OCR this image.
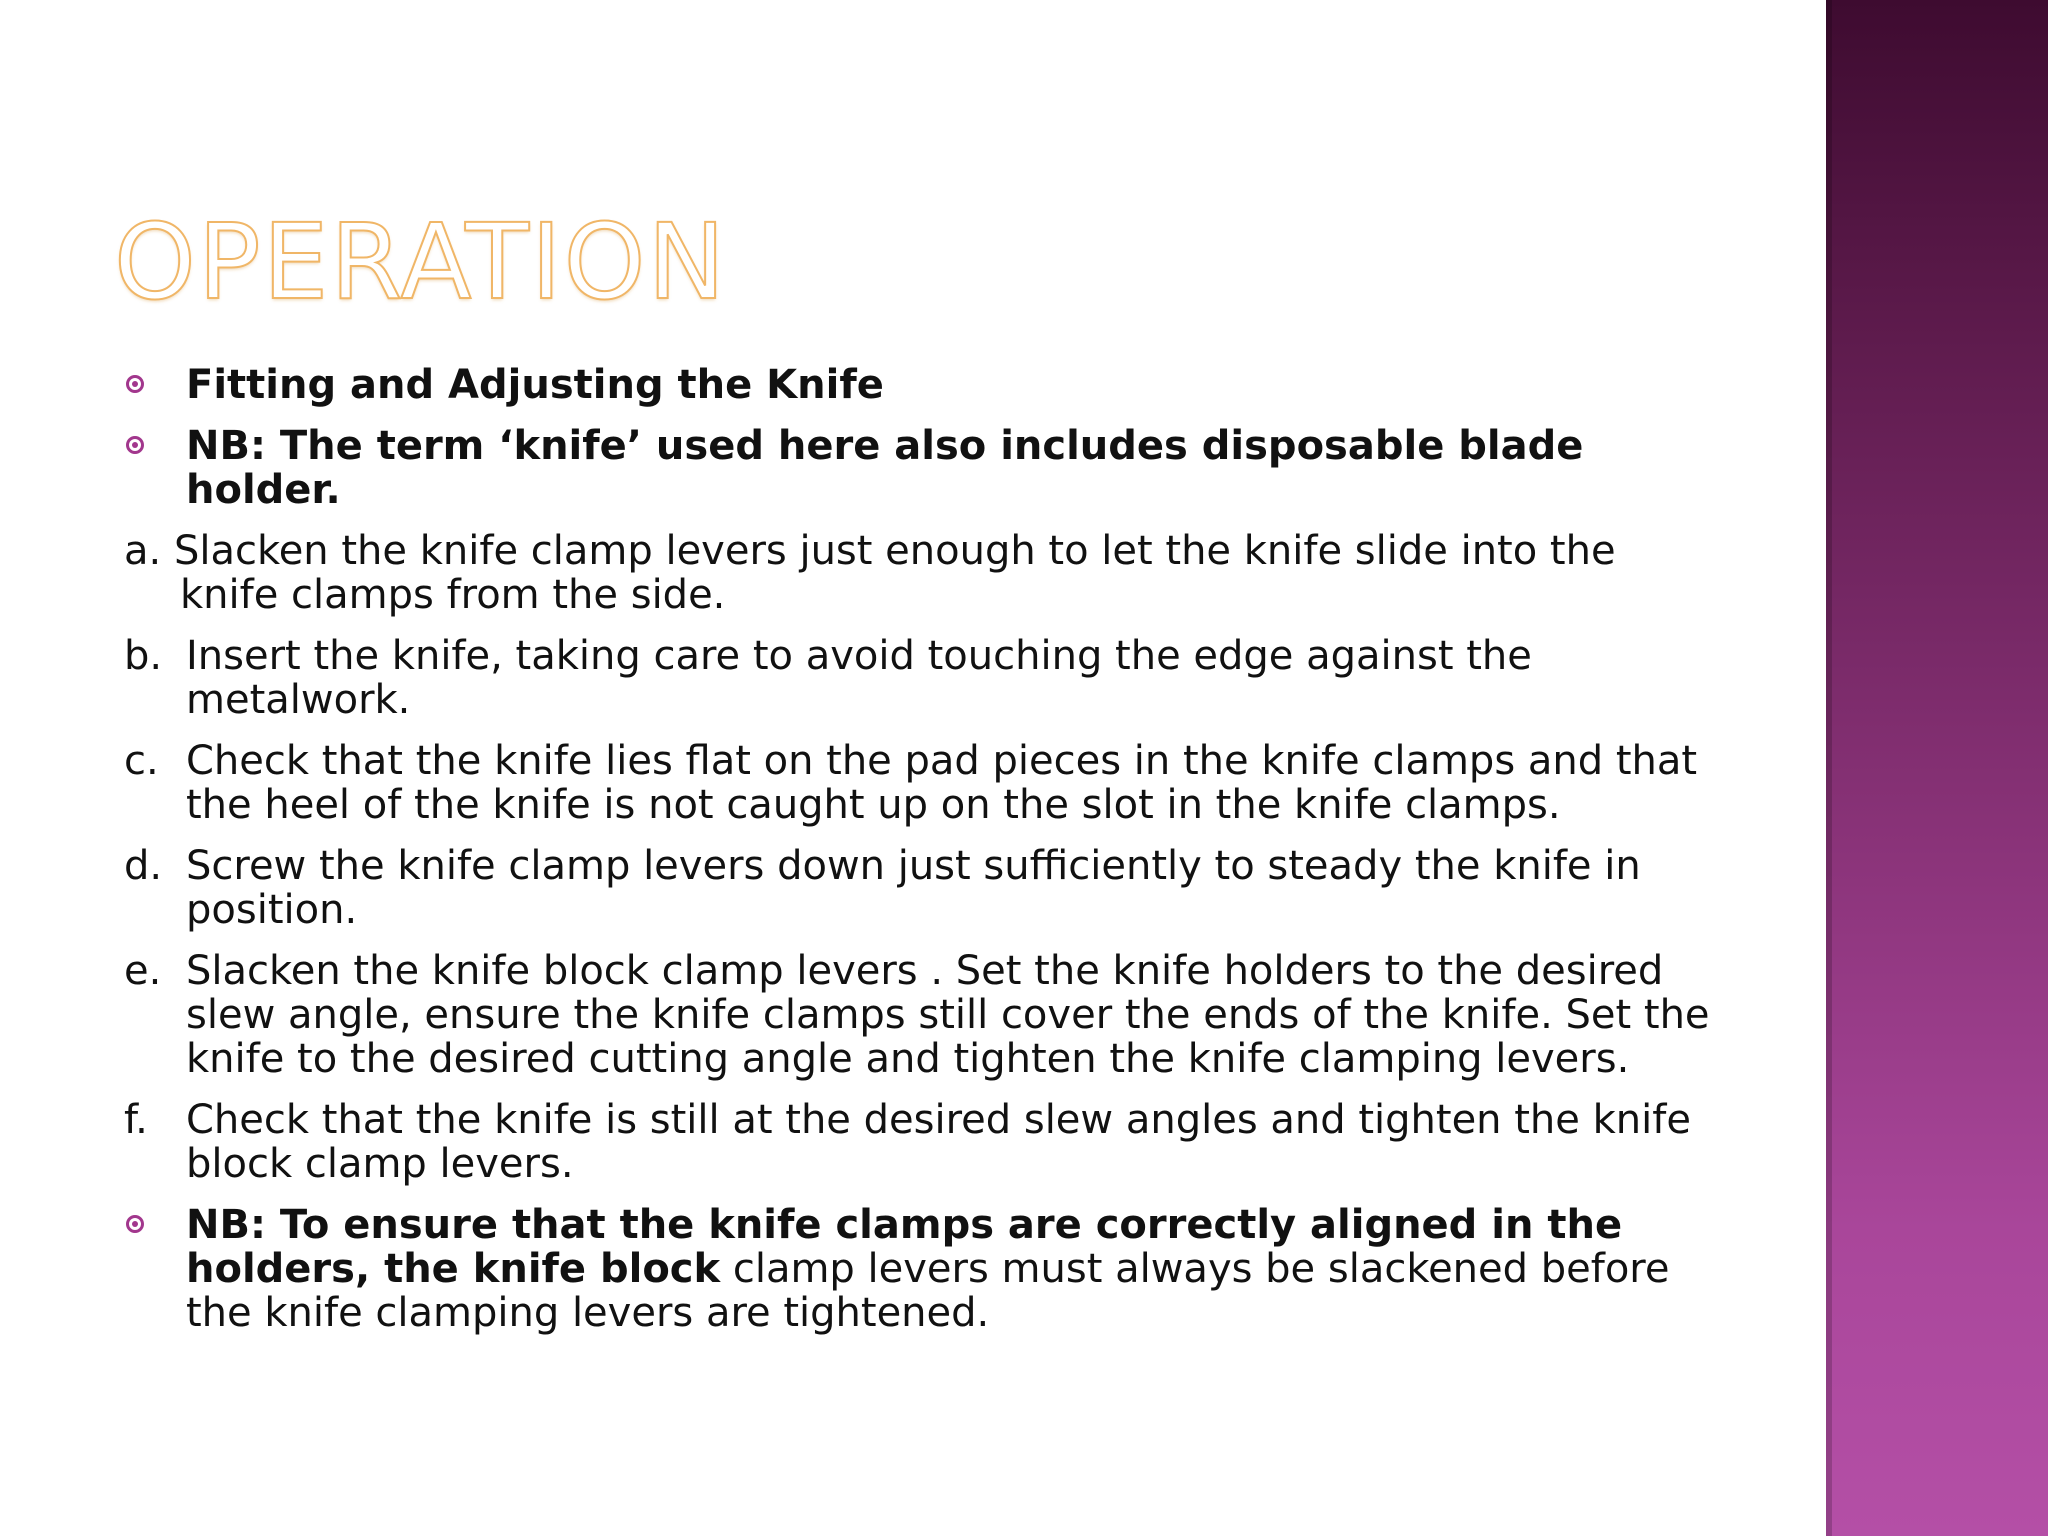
OPERATION
Fitting and Adjusting the Knife
NB: The term ‘knife’ used here also includes disposable blade holder.
a. Slacken the knife clamp levers just enough to let the knife slide into the
knife clamps from the side.
b. Insert the knife, taking care to avoid touching the edge against the metalwork.
c. Check that the knife lies flat on the pad pieces in the knife clamps and that the heel of the knife is not caught up on the slot in the knife clamps.
d. Screw the knife clamp levers down just sufficiently to steady the knife in position.
e. Slacken the knife block clamp levers . Set the knife holders to the desired slew angle, ensure the knife clamps still cover the ends of the knife. Set the knife to the desired cutting angle and tighten the knife clamping levers.
f. Check that the knife is still at the desired slew angles and tighten the knife block clamp levers.
NB: To ensure that the knife clamps are correctly aligned in the holders, the knife block clamp levers must always be slackened before the knife clamping levers are tightened.
